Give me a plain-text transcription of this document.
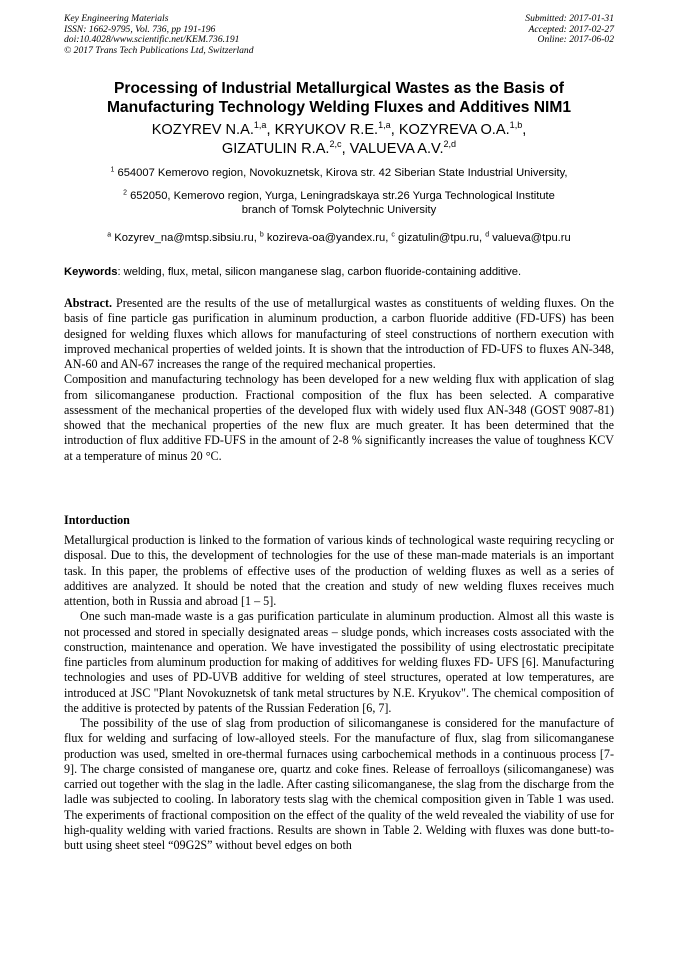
Key Engineering Materials
ISSN: 1662-9795, Vol. 736, pp 191-196
doi:10.4028/www.scientific.net/KEM.736.191
© 2017 Trans Tech Publications Ltd, Switzerland
Submitted: 2017-01-31
Accepted: 2017-02-27
Online: 2017-06-02
Processing of Industrial Metallurgical Wastes as the Basis of Manufacturing Technology Welding Fluxes and Additives NIM1
KOZYREV N.A.$^{1,a}$, KRYUKOV R.E.$^{1,a}$, KOZYREVA O.A.$^{1,b}$,
GIZATULIN R.A.$^{2,c}$, VALUEVA A.V.$^{2,d}$
$^1$ 654007 Kemerovo region, Novokuznetsk, Kirova str. 42 Siberian State Industrial University,
$^2$ 652050, Kemerovo region, Yurga, Leningradskaya str.26 Yurga Technological Institute branch of Tomsk Polytechnic University
$^a$ Kozyrev_na@mtsp.sibsiu.ru, $^b$ kozireva-oa@yandex.ru, $^c$ gizatulin@tpu.ru, $^d$ valueva@tpu.ru
Keywords: welding, flux, metal, silicon manganese slag, carbon fluoride-containing additive.

Abstract. Presented are the results of the use of metallurgical wastes as constituents of welding fluxes. On the basis of fine particle gas purification in aluminum production, a carbon fluoride additive (FD-UFS) has been designed for welding fluxes which allows for manufacturing of steel constructions of northern execution with improved mechanical properties of welded joints. It is shown that the introduction of FD-UFS to fluxes AN-348, AN-60 and AN-67 increases the range of the required mechanical properties.

Composition and manufacturing technology has been developed for a new welding flux with application of slag from silicomanganese production. Fractional composition of the flux has been selected. A comparative assessment of the mechanical properties of the developed flux with widely used flux AN-348 (GOST 9087-81) showed that the mechanical properties of the new flux are much greater. It has been determined that the introduction of flux additive FD-UFS in the amount of 2-8 % significantly increases the value of toughness KCV at a temperature of minus 20 °C.

Intorduction

Metallurgical production is linked to the formation of various kinds of technological waste requiring recycling or disposal. Due to this, the development of technologies for the use of these man-made materials is an important task. In this paper, the problems of effective uses of the production of welding fluxes as well as a series of additives are analyzed. It should be noted that the creation and study of new welding fluxes receives much attention, both in Russia and abroad [1 – 5].

One such man-made waste is a gas purification particulate in aluminum production. Almost all this waste is not processed and stored in specially designated areas – sludge ponds, which increases costs associated with the construction, maintenance and operation. We have investigated the possibility of using electrostatic precipitate fine particles from aluminum production for making of additives for welding fluxes FD- UFS [6]. Manufacturing technologies and uses of PD-UVB additive for welding of steel structures, operated at low temperatures, are introduced at JSC "Plant Novokuznetsk of tank metal structures by N.E. Kryukov". The chemical composition of the additive is protected by patents of the Russian Federation [6, 7].

The possibility of the use of slag from production of silicomanganese is considered for the manufacture of flux for welding and surfacing of low-alloyed steels. For the manufacture of flux, slag from silicomanganese production was used, smelted in ore-thermal furnaces using carbochemical methods in a continuous process [7-9]. The charge consisted of manganese ore, quartz and coke fines. Release of ferroalloys (silicomanganese) was carried out together with the slag in the ladle. After casting silicomanganese, the slag from the discharge from the ladle was subjected to cooling. In laboratory tests slag with the chemical composition given in Table 1 was used. The experiments of fractional composition on the effect of the quality of the weld revealed the viability of use for high-quality welding with varied fractions. Results are shown in Table 2. Welding with fluxes was done butt-to-butt using sheet steel “09G2S” without bevel edges on both
